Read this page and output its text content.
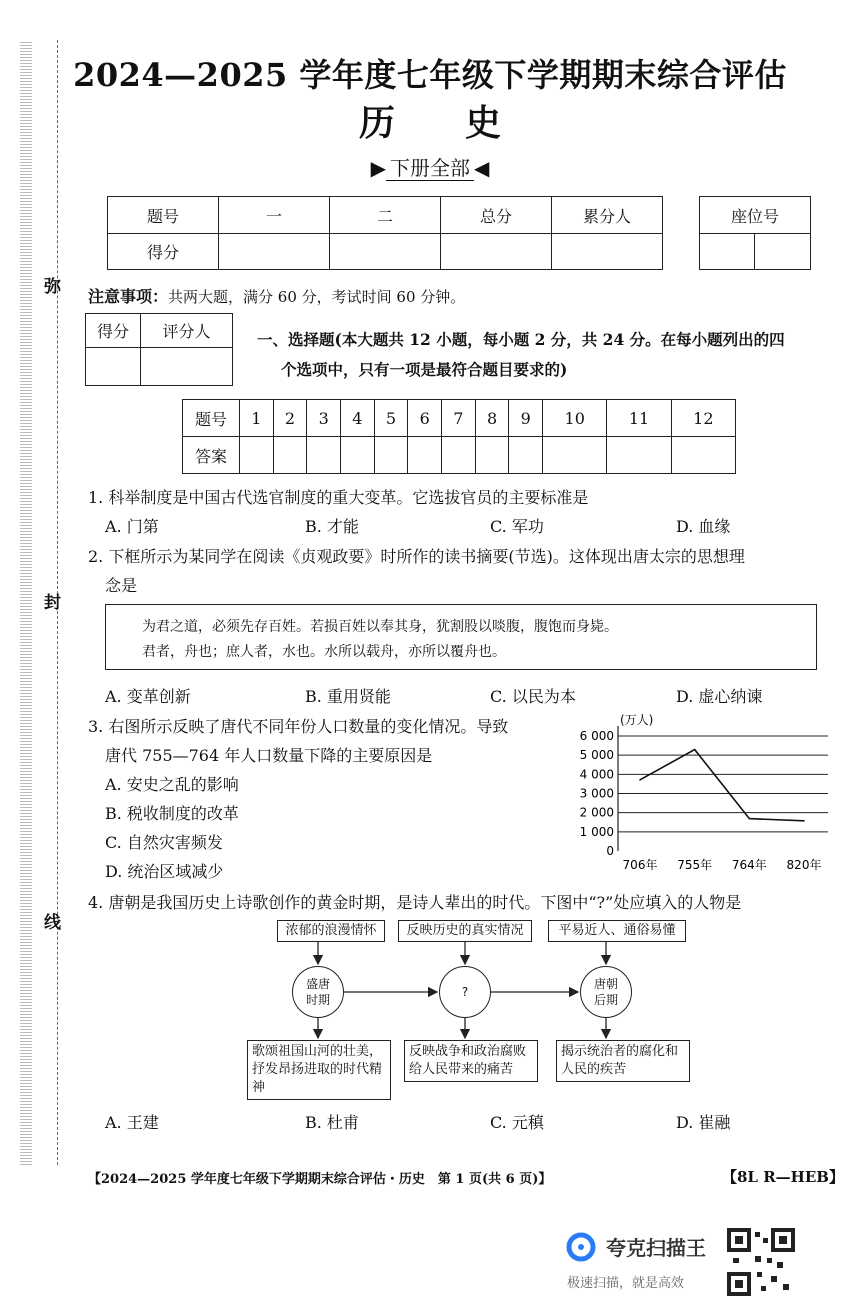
弥
封
线
2024—2025 学年度七年级下学期期末综合评估
历史
▶ 下册全部 ◀
题号	一	二	总分	累分人
得分				
座位号

注意事项：共两大题，满分 60 分，考试时间 60 分钟。
得分	评分人
		一、选择题(本大题共 12 小题，每小题 2 分，共 24 分。在每小题列出的四
个选项中，只有一项是最符合题目要求的)
题号	1	2	3	4	5	6	7	8	9	10	11	12
答案												
1. 科举制度是中国古代选官制度的重大变革。它选拔官员的主要标准是
A. 门第	B. 才能	C. 军功	D. 血缘
2. 下框所示为某同学在阅读《贞观政要》时所作的读书摘要(节选)。这体现出唐太宗的思想理
念是
为君之道，必须先存百姓。若损百姓以奉其身，犹割股以啖腹，腹饱而身毙。
君者，舟也；庶人者，水也。水所以载舟，亦所以覆舟也。
A. 变革创新	B. 重用贤能	C. 以民为本	D. 虚心纳谏
3. 右图所示反映了唐代不同年份人口数量的变化情况。导致
唐代 755—764 年人口数量下降的主要原因是
A. 安史之乱的影响
B. 税收制度的改革
C. 自然灾害频发
D. 统治区域减少
(万人)
0
1 000
2 000
3 000
4 000
5 000
6 000
706年 755年 764年 820年
4. 唐朝是我国历史上诗歌创作的黄金时期，是诗人辈出的时代。下图中“?”处应填入的人物是
浓郁的浪漫情怀	反映历史的真实情况	平易近人、通俗易懂
盛唐
时期
?
唐朝
后期
歌颂祖国山河的壮美，抒发昂扬进取的时代精神
反映战争和政治腐败给人民带来的痛苦
揭示统治者的腐化和人民的疾苦
A. 王建	B. 杜甫	C. 元稹	D. 崔融
【2024—2025 学年度七年级下学期期末综合评估・历史　第 1 页(共 6 页)】	【8L R—HEB】
夸克扫描王
极速扫描，就是高效
